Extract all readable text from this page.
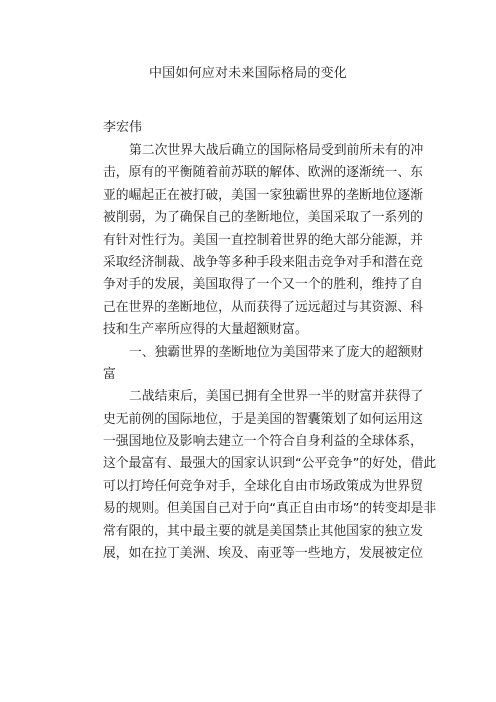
中国如何应对未来国际格局的变化
李宏伟
第二次世界大战后确立的国际格局受到前所未有的冲
击，原有的平衡随着前苏联的解体、欧洲的逐渐统一、东
亚的崛起正在被打破，美国一家独霸世界的垄断地位逐渐
被削弱，为了确保自己的垄断地位，美国采取了一系列的
有针对性行为。美国一直控制着世界的绝大部分能源，并
采取经济制裁、战争等多种手段来阻击竞争对手和潜在竞
争对手的发展，美国取得了一个又一个的胜利，维持了自
己在世界的垄断地位，从而获得了远远超过与其资源、科
技和生产率所应得的大量超额财富。
一、独霸世界的垄断地位为美国带来了庞大的超额财
富
二战结束后，美国已拥有全世界一半的财富并获得了
史无前例的国际地位，于是美国的智囊策划了如何运用这
一强国地位及影响去建立一个符合自身利益的全球体系，
这个最富有、最强大的国家认识到“公平竞争”的好处，借此
可以打垮任何竞争对手，全球化自由市场政策成为世界贸
易的规则。但美国自己对于向“真正自由市场”的转变却是非
常有限的，其中最主要的就是美国禁止其他国家的独立发
展，如在拉丁美洲、埃及、南亚等一些地方，发展被定位
